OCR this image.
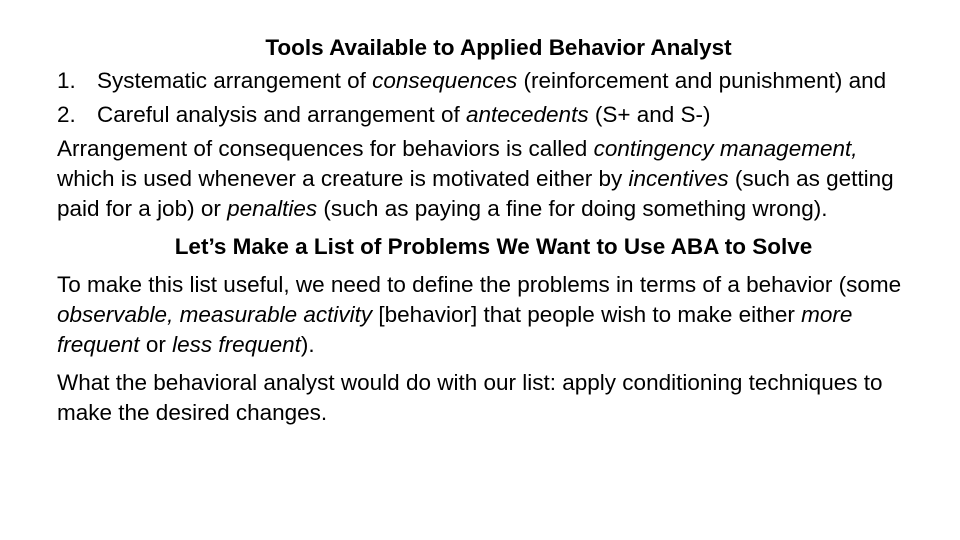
Tools Available to Applied Behavior Analyst

1. Systematic arrangement of consequences (reinforcement and punishment) and
2. Careful analysis and arrangement of antecedents (S+ and S-)

Arrangement of consequences for behaviors is called contingency management, which is used whenever a creature is motivated either by incentives (such as getting paid for a job) or penalties (such as paying a fine for doing something wrong).

Let’s Make a List of Problems We Want to Use ABA to Solve

To make this list useful, we need to define the problems in terms of a behavior (some observable, measurable activity [behavior] that people wish to make either more frequent or less frequent).

What the behavioral analyst would do with our list: apply conditioning techniques to make the desired changes.
